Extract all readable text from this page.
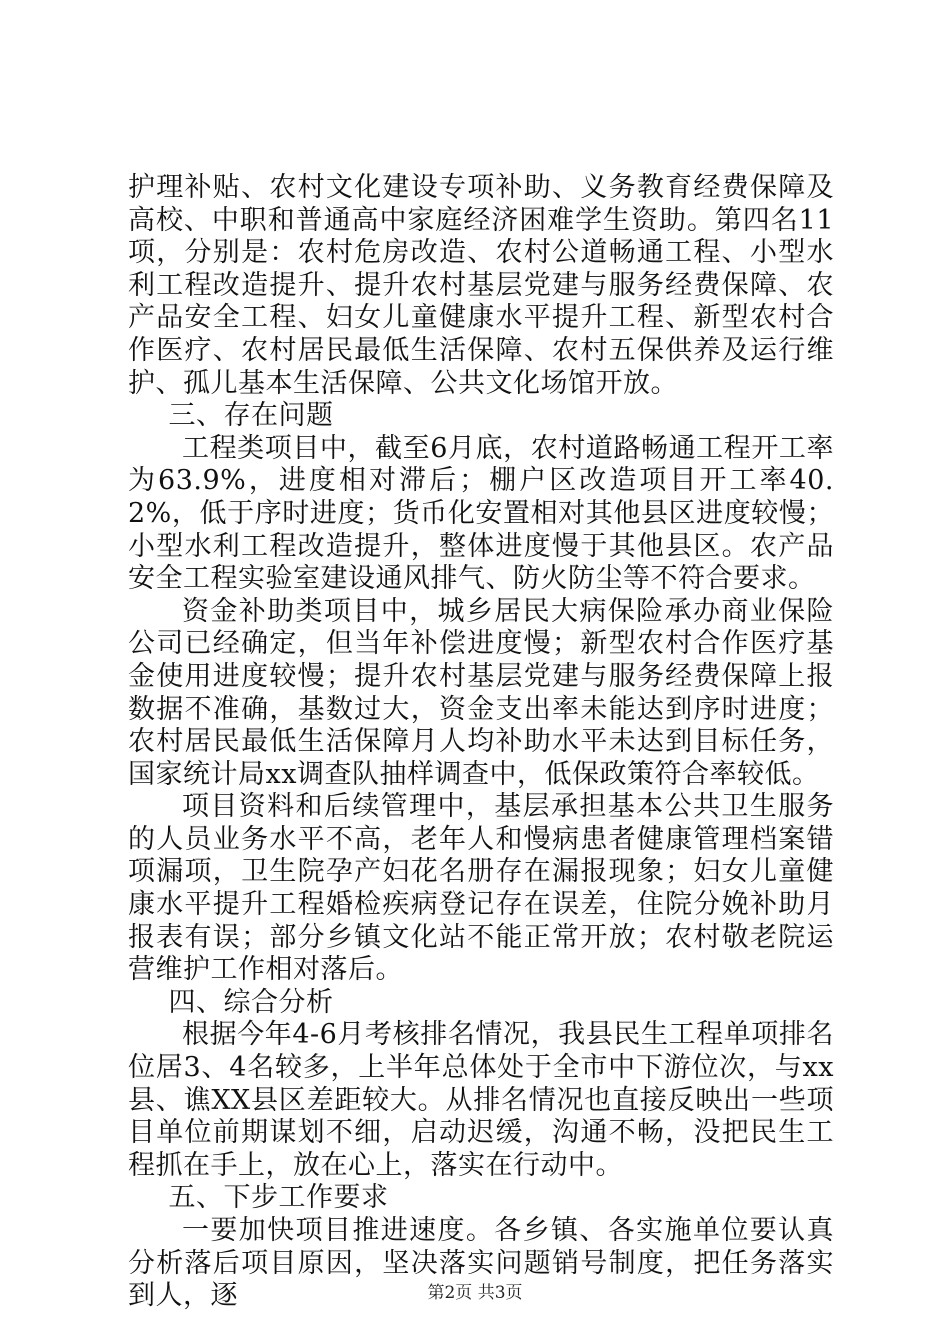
护理补贴、农村文化建设专项补助、义务教育经费保障及高校、中职和普通高中家庭经济困难学生资助。第四名11项，分别是：农村危房改造、农村公道畅通工程、小型水利工程改造提升、提升农村基层党建与服务经费保障、农产品安全工程、妇女儿童健康水平提升工程、新型农村合作医疗、农村居民最低生活保障、农村五保供养及运行维护、孤儿基本生活保障、公共文化场馆开放。

三、存在问题

工程类项目中，截至6月底，农村道路畅通工程开工率为63.9%，进度相对滞后；棚户区改造项目开工率40.2%，低于序时进度；货币化安置相对其他县区进度较慢；小型水利工程改造提升，整体进度慢于其他县区。农产品安全工程实验室建设通风排气、防火防尘等不符合要求。

资金补助类项目中，城乡居民大病保险承办商业保险公司已经确定，但当年补偿进度慢；新型农村合作医疗基金使用进度较慢；提升农村基层党建与服务经费保障上报数据不准确，基数过大，资金支出率未能达到序时进度；农村居民最低生活保障月人均补助水平未达到目标任务，国家统计局xx调查队抽样调查中，低保政策符合率较低。

项目资料和后续管理中，基层承担基本公共卫生服务的人员业务水平不高，老年人和慢病患者健康管理档案错项漏项，卫生院孕产妇花名册存在漏报现象；妇女儿童健康水平提升工程婚检疾病登记存在误差，住院分娩补助月报表有误；部分乡镇文化站不能正常开放；农村敬老院运营维护工作相对落后。

四、综合分析

根据今年4-6月考核排名情况，我县民生工程单项排名位居3、4名较多，上半年总体处于全市中下游位次，与xx县、谯XX县区差距较大。从排名情况也直接反映出一些项目单位前期谋划不细，启动迟缓，沟通不畅，没把民生工程抓在手上，放在心上，落实在行动中。

五、下步工作要求

一要加快项目推进速度。各乡镇、各实施单位要认真分析落后项目原因，坚决落实问题销号制度，把任务落实到人，逐	第2页 共3页
